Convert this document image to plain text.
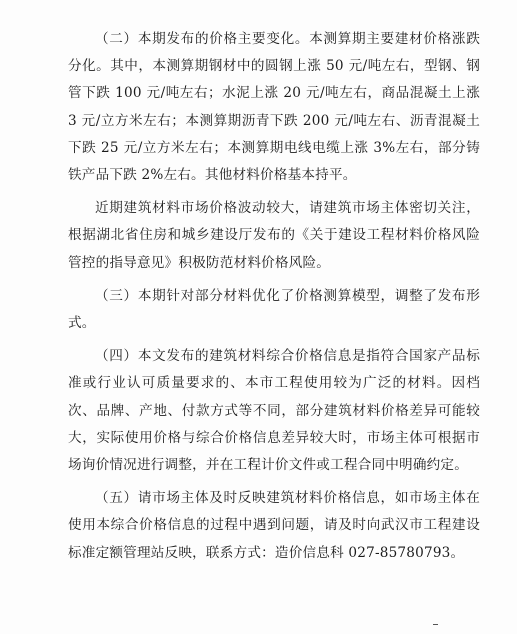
（二）本期发布的价格主要变化。本测算期主要建材价格涨跌分化。其中，本测算期钢材中的圆钢上涨 50 元/吨左右，型钢、钢管下跌 100 元/吨左右；水泥上涨 20 元/吨左右，商品混凝土上涨 3 元/立方米左右；本测算期沥青下跌 200 元/吨左右、沥青混凝土下跌 25 元/立方米左右；本测算期电线电缆上涨 3%左右，部分铸铁产品下跌 2%左右。其他材料价格基本持平。

近期建筑材料市场价格波动较大，请建筑市场主体密切关注，根据湖北省住房和城乡建设厅发布的《关于建设工程材料价格风险管控的指导意见》积极防范材料价格风险。

（三）本期针对部分材料优化了价格测算模型，调整了发布形式。

（四）本文发布的建筑材料综合价格信息是指符合国家产品标准或行业认可质量要求的、本市工程使用较为广泛的材料。因档次、品牌、产地、付款方式等不同，部分建筑材料价格差异可能较大，实际使用价格与综合价格信息差异较大时，市场主体可根据市场询价情况进行调整，并在工程计价文件或工程合同中明确约定。

（五）请市场主体及时反映建筑材料价格信息，如市场主体在使用本综合价格信息的过程中遇到问题，请及时向武汉市工程建设标准定额管理站反映，联系方式：造价信息科 027-85780793。
